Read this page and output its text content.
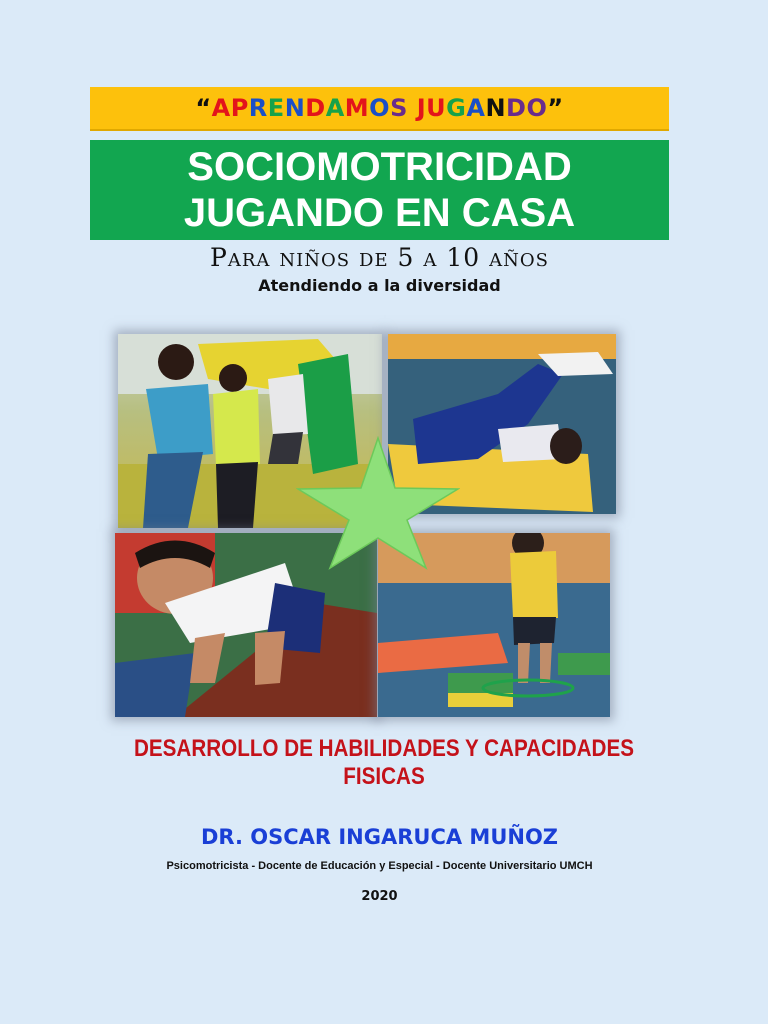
“ APRENDAMOS JUGANDO ”
SOCIOMOTRICIDAD
JUGANDO EN CASA
Para niños de 5 a 10 años
Atendiendo a la diversidad
DESARROLLO DE HABILIDADES Y CAPACIDADES FISICAS
DR. OSCAR INGARUCA MUÑOZ
Psicomotricista - Docente de Educación y Especial - Docente Universitario UMCH
2020
